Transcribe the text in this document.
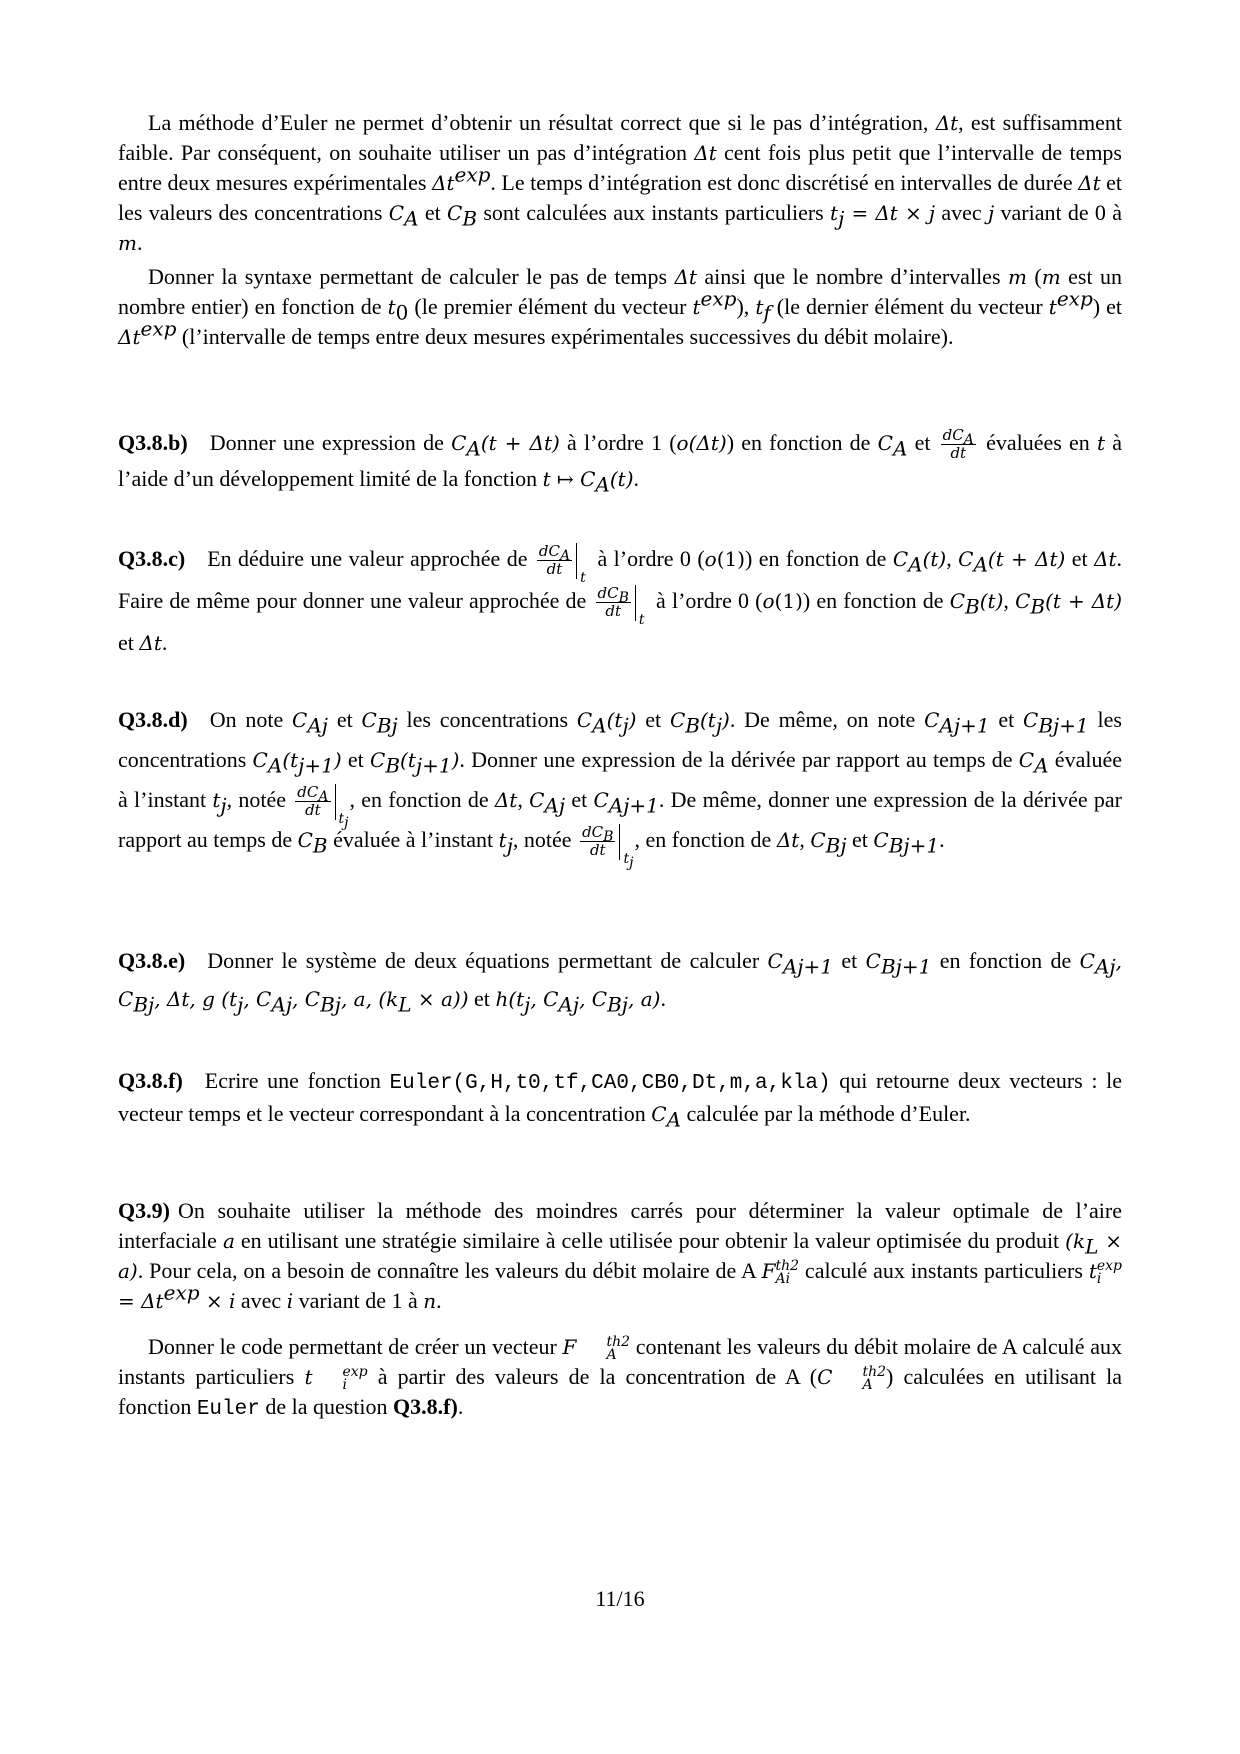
La méthode d’Euler ne permet d’obtenir un résultat correct que si le pas d’intégration, Δt, est suffisamment faible. Par conséquent, on souhaite utiliser un pas d’intégration Δt cent fois plus petit que l’intervalle de temps entre deux mesures expérimentales $\Delta t^{exp}$. Le temps d’intégration est donc discrétisé en intervalles de durée Δt et les valeurs des concentrations $C_A$ et $C_B$ sont calculées aux instants particuliers $t_j = \Delta t \times j$ avec j variant de 0 à m.
Donner la syntaxe permettant de calculer le pas de temps Δt ainsi que le nombre d’intervalles m (m est un nombre entier) en fonction de $t_0$ (le premier élément du vecteur $t^{exp}$), $t_f$ (le dernier élément du vecteur $t^{exp}$) et $\Delta t^{exp}$ (l’intervalle de temps entre deux mesures expérimentales successives du débit molaire).
Q3.8.b) Donner une expression de $C_A(t + \Delta t)$ à l’ordre 1 (o(Δt)) en fonction de $C_A$ et $\frac{dC_A}{dt}$ évaluées en t à l’aide d’un développement limité de la fonction t ↦ $C_A(t)$.
Q3.8.c) En déduire une valeur approchée de $\frac{dC_A}{dt}$ t
à l’ordre 0 (o(1)) en fonction de $C_A(t)$, $C_A(t + \Delta t)$ et Δt. Faire de même pour donner une valeur approchée de $\frac{dC_B}{dt}$ t
à l’ordre 0 (o(1)) en fonction de $C_B(t)$, $C_B(t + \Delta t)$ et Δt.
Q3.8.d) On note $C_{Aj}$ et $C_{Bj}$ les concentrations $C_A(t_j)$ et $C_B(t_j)$. De même, on note $C_{Aj+1}$ et $C_{Bj+1}$ les concentrations $C_A(t_{j+1})$ et $C_B(t_{j+1})$. Donner une expression de la dérivée par rapport au temps de $C_A$ évaluée à l’instant $t_j$, notée $\frac{dC_A}{dt} t_j$
, en fonction de Δt, $C_{Aj}$ et $C_{Aj+1}$. De même, donner une expression de la dérivée par rapport au temps de $C_B$ évaluée à l’instant $t_j$, notée $\frac{dC_B}{dt} t_j$
, en fonction de Δt, $C_{Bj}$ et $C_{Bj+1}$.
Q3.8.e) Donner le système de deux équations permettant de calculer $C_{Aj+1}$ et $C_{Bj+1}$ en fonction de $C_{Aj}$, $C_{Bj}$, Δt, g ($t_j$, $C_{Aj}$, $C_{Bj}$, a, $(k_L \times a)$) et $h(t_j$, $C_{Aj}$, $C_{Bj}$, a).
Q3.8.f) Ecrire une fonction Euler(G,H,t0,tf,CA0,CB0,Dt,m,a,kla) qui retourne deux vecteurs : le vecteur temps et le vecteur correspondant à la concentration $C_A$ calculée par la méthode d’Euler.
Q3.9) On souhaite utiliser la méthode des moindres carrés pour déterminer la valeur optimale de l’aire interfaciale a en utilisant une stratégie similaire à celle utilisée pour obtenir la valeur optimisée du produit $(k_L \times a)$. Pour cela, on a besoin de connaître les valeurs du débit molaire de A F th2
Ai calculé aux instants particuliers t exp
i
= $\Delta t^{exp} \times i$ avec i variant de 1 à n.
Donner le code permettant de créer un vecteur F	th2
A contenant les valeurs du débit molaire de A calculé aux instants particuliers t	exp
i à partir des valeurs de la concentration de A (C	th2
A ) calculées en utilisant la fonction Euler de la question Q3.8.f).
11/16
